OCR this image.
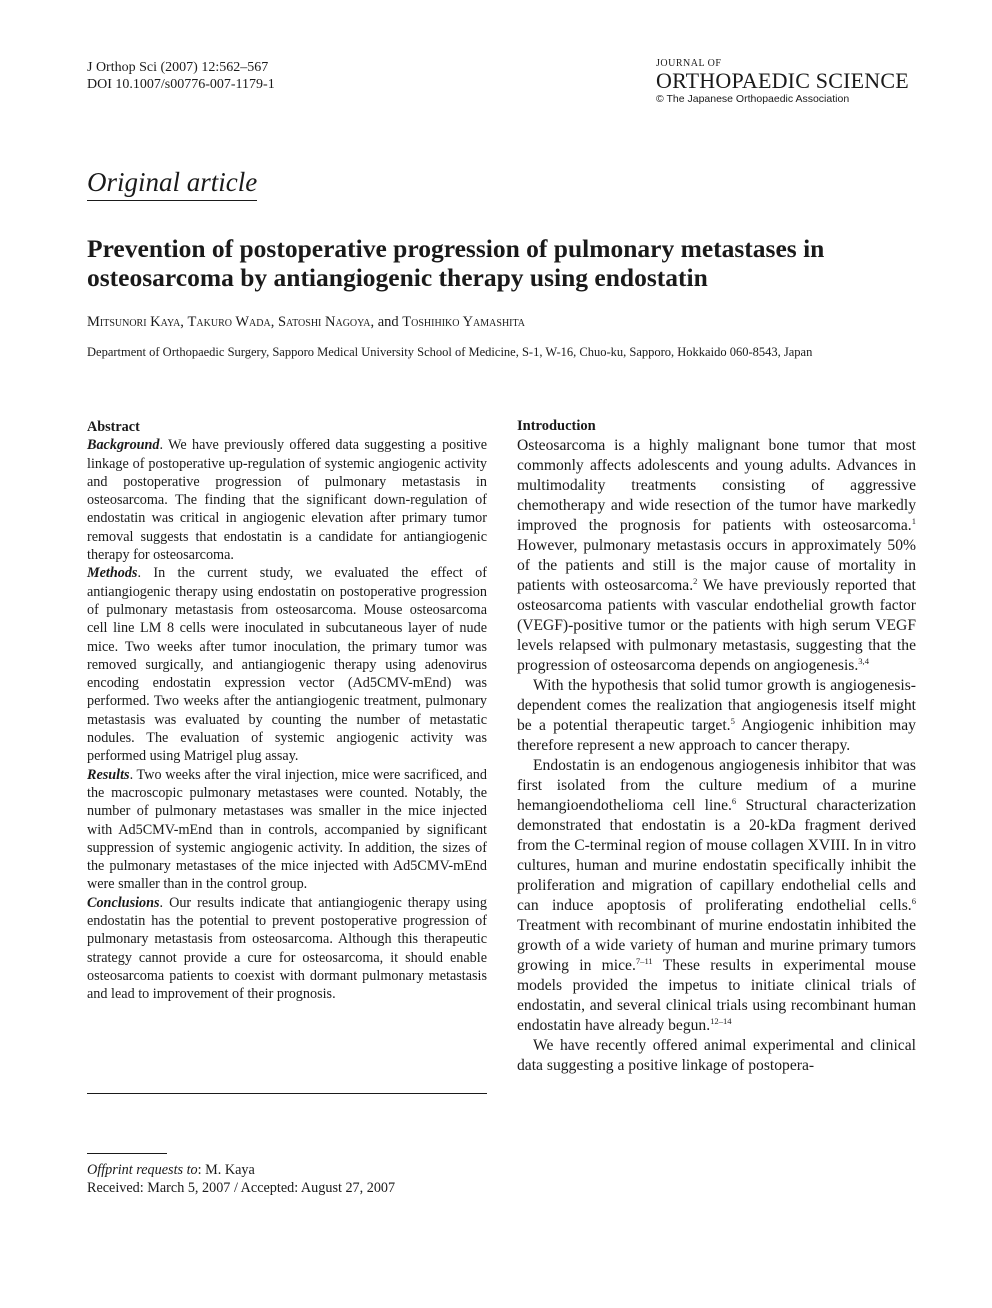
J Orthop Sci (2007) 12:562–567
DOI 10.1007/s00776-007-1179-1
JOURNAL OF
ORTHOPAEDIC SCIENCE
© The Japanese Orthopaedic Association
Original article
Prevention of postoperative progression of pulmonary metastases in osteosarcoma by antiangiogenic therapy using endostatin
Mitsunori Kaya, Takuro Wada, Satoshi Nagoya, and Toshihiko Yamashita
Department of Orthopaedic Surgery, Sapporo Medical University School of Medicine, S-1, W-16, Chuo-ku, Sapporo, Hokkaido 060-8543, Japan

Abstract

Background. We have previously offered data suggesting a positive linkage of postoperative up-regulation of systemic angiogenic activity and postoperative progression of pulmonary metastasis in osteosarcoma. The finding that the significant down-regulation of endostatin was critical in angiogenic elevation after primary tumor removal suggests that endostatin is a candidate for antiangiogenic therapy for osteosarcoma.

Methods. In the current study, we evaluated the effect of antiangiogenic therapy using endostatin on postoperative progression of pulmonary metastasis from osteosarcoma. Mouse osteosarcoma cell line LM 8 cells were inoculated in subcutaneous layer of nude mice. Two weeks after tumor inoculation, the primary tumor was removed surgically, and antiangiogenic therapy using adenovirus encoding endostatin expression vector (Ad5CMV-mEnd) was performed. Two weeks after the antiangiogenic treatment, pulmonary metastasis was evaluated by counting the number of metastatic nodules. The evaluation of systemic angiogenic activity was performed using Matrigel plug assay.

Results. Two weeks after the viral injection, mice were sacrificed, and the macroscopic pulmonary metastases were counted. Notably, the number of pulmonary metastases was smaller in the mice injected with Ad5CMV-mEnd than in controls, accompanied by significant suppression of systemic angiogenic activity. In addition, the sizes of the pulmonary metastases of the mice injected with Ad5CMV-mEnd were smaller than in the control group.

Conclusions. Our results indicate that antiangiogenic therapy using endostatin has the potential to prevent postoperative progression of pulmonary metastasis from osteosarcoma. Although this therapeutic strategy cannot provide a cure for osteosarcoma, it should enable osteosarcoma patients to coexist with dormant pulmonary metastasis and lead to improvement of their prognosis.

Offprint requests to: M. Kaya

Received: March 5, 2007 / Accepted: August 27, 2007

Introduction

Osteosarcoma is a highly malignant bone tumor that most commonly affects adolescents and young adults. Advances in multimodality treatments consisting of aggressive chemotherapy and wide resection of the tumor have markedly improved the prognosis for patients with osteosarcoma.$^1$ However, pulmonary metastasis occurs in approximately 50% of the patients and still is the major cause of mortality in patients with osteosarcoma.$^2$ We have previously reported that osteosarcoma patients with vascular endothelial growth factor (VEGF)-positive tumor or the patients with high serum VEGF levels relapsed with pulmonary metastasis, suggesting that the progression of osteosarcoma depends on angiogenesis.$^{3,4}$

With the hypothesis that solid tumor growth is angiogenesis-dependent comes the realization that angiogenesis itself might be a potential therapeutic target.$^5$ Angiogenic inhibition may therefore represent a new approach to cancer therapy.

Endostatin is an endogenous angiogenesis inhibitor that was first isolated from the culture medium of a murine hemangioendothelioma cell line.$^6$ Structural characterization demonstrated that endostatin is a 20-kDa fragment derived from the C-terminal region of mouse collagen XVIII. In in vitro cultures, human and murine endostatin specifically inhibit the proliferation and migration of capillary endothelial cells and can induce apoptosis of proliferating endothelial cells.$^6$ Treatment with recombinant of murine endostatin inhibited the growth of a wide variety of human and murine primary tumors growing in mice.$^{7-11}$ These results in experimental mouse models provided the impetus to initiate clinical trials of endostatin, and several clinical trials using recombinant human endostatin have already begun.$^{12-14}$

We have recently offered animal experimental and clinical data suggesting a positive linkage of postopera-
